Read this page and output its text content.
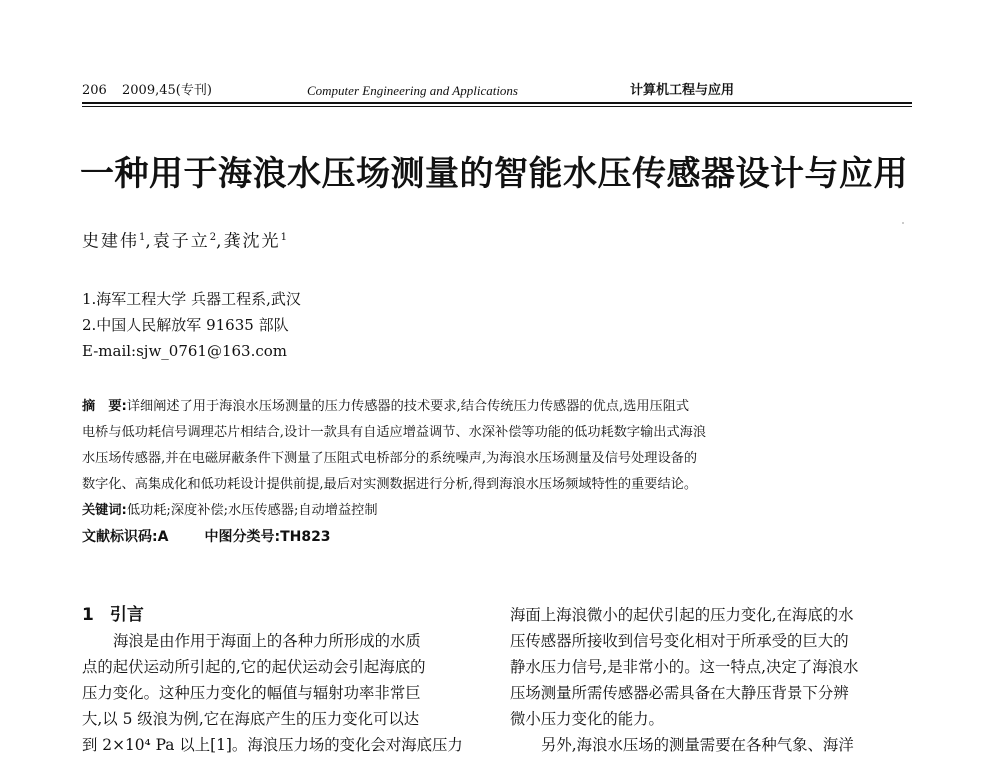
206 2009,45(专刊)	Computer Engineering and Applications	计算机工程与应用
一种用于海浪水压场测量的智能水压传感器设计与应用
史建伟$^1$,袁子立$^2$,龚沈光$^1$
1.海军工程大学 兵器工程系,武汉
2.中国人民解放军 91635 部队
E-mail:sjw_0761@163.com
摘　要:详细阐述了用于海浪水压场测量的压力传感器的技术要求,结合传统压力传感器的优点,选用压阻式
电桥与低功耗信号调理芯片相结合,设计一款具有自适应增益调节、水深补偿等功能的低功耗数字输出式海浪
水压场传感器,并在电磁屏蔽条件下测量了压阻式电桥部分的系统噪声,为海浪水压场测量及信号处理设备的
数字化、高集成化和低功耗设计提供前提,最后对实测数据进行分析,得到海浪水压场频域特性的重要结论。
关键词:低功耗;深度补偿;水压传感器;自动增益控制
文献标识码:A	中图分类号:TH823
1 引言
海浪是由作用于海面上的各种力所形成的水质
点的起伏运动所引起的,它的起伏运动会引起海底的
压力变化。这种压力变化的幅值与辐射功率非常巨
大,以 5 级浪为例,它在海底产生的压力变化可以达
到 2×10⁴ Pa 以上[1]。海浪压力场的变化会对海底压力
海面上海浪微小的起伏引起的压力变化,在海底的水
压传感器所接收到信号变化相对于所承受的巨大的
静水压力信号,是非常小的。这一特点,决定了海浪水
压场测量所需传感器必需具备在大静压背景下分辨
微小压力变化的能力。
另外,海浪水压场的测量需要在各种气象、海洋
